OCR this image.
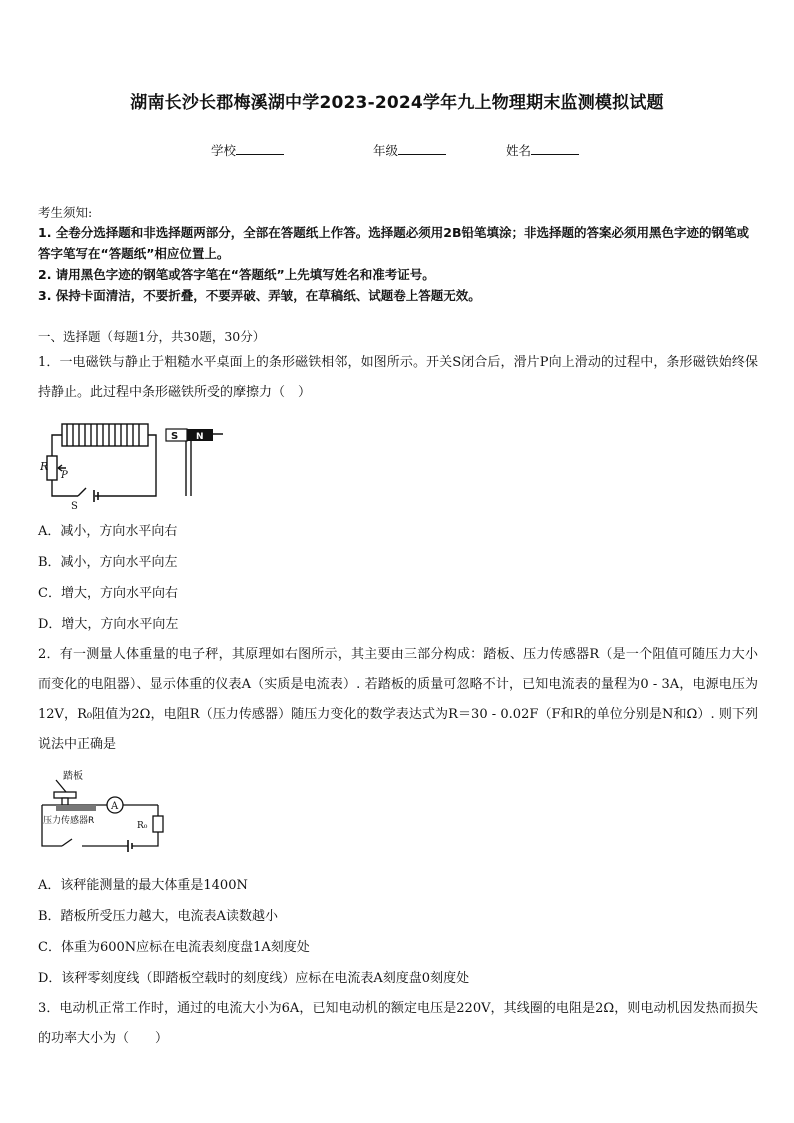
湖南长沙长郡梅溪湖中学2023-2024学年九上物理期末监测模拟试题
学校	年级	姓名
考生须知:
1. 全卷分选择题和非选择题两部分，全部在答题纸上作答。选择题必须用2B铅笔填涂；非选择题的答案必须用黑色字迹的钢笔或答字笔写在“答题纸”相应位置上。
2. 请用黑色字迹的钢笔或答字笔在“答题纸”上先填写姓名和准考证号。
3. 保持卡面清洁，不要折叠，不要弄破、弄皱，在草稿纸、试题卷上答题无效。
一、选择题（每题1分，共30题，30分）
1．一电磁铁与静止于粗糙水平桌面上的条形磁铁相邻，如图所示。开关S闭合后，滑片P向上滑动的过程中，条形磁铁始终保持静止。此过程中条形磁铁所受的摩擦力（　）
R
P
S
S N
A．减小，方向水平向右
B．减小，方向水平向左
C．增大，方向水平向右
D．增大，方向水平向左
2．有一测量人体重量的电子秤，其原理如右图所示，其主要由三部分构成：踏板、压力传感器R（是一个阻值可随压力大小而变化的电阻器）、显示体重的仪表A（实质是电流表）. 若踏板的质量可忽略不计，已知电流表的量程为0 - 3A，电源电压为12V，R₀阻值为2Ω，电阻R（压力传感器）随压力变化的数学表达式为R＝30 - 0.02F（F和R的单位分别是N和Ω）. 则下列说法中正确是
踏板
压力传感器R
A
R₀
A．该秤能测量的最大体重是1400N
B．踏板所受压力越大，电流表A读数越小
C．体重为600N应标在电流表刻度盘1A刻度处
D．该秤零刻度线（即踏板空载时的刻度线）应标在电流表A刻度盘0刻度处
3．电动机正常工作时，通过的电流大小为6A，已知电动机的额定电压是220V，其线圈的电阻是2Ω，则电动机因发热而损失的功率大小为（　　）
